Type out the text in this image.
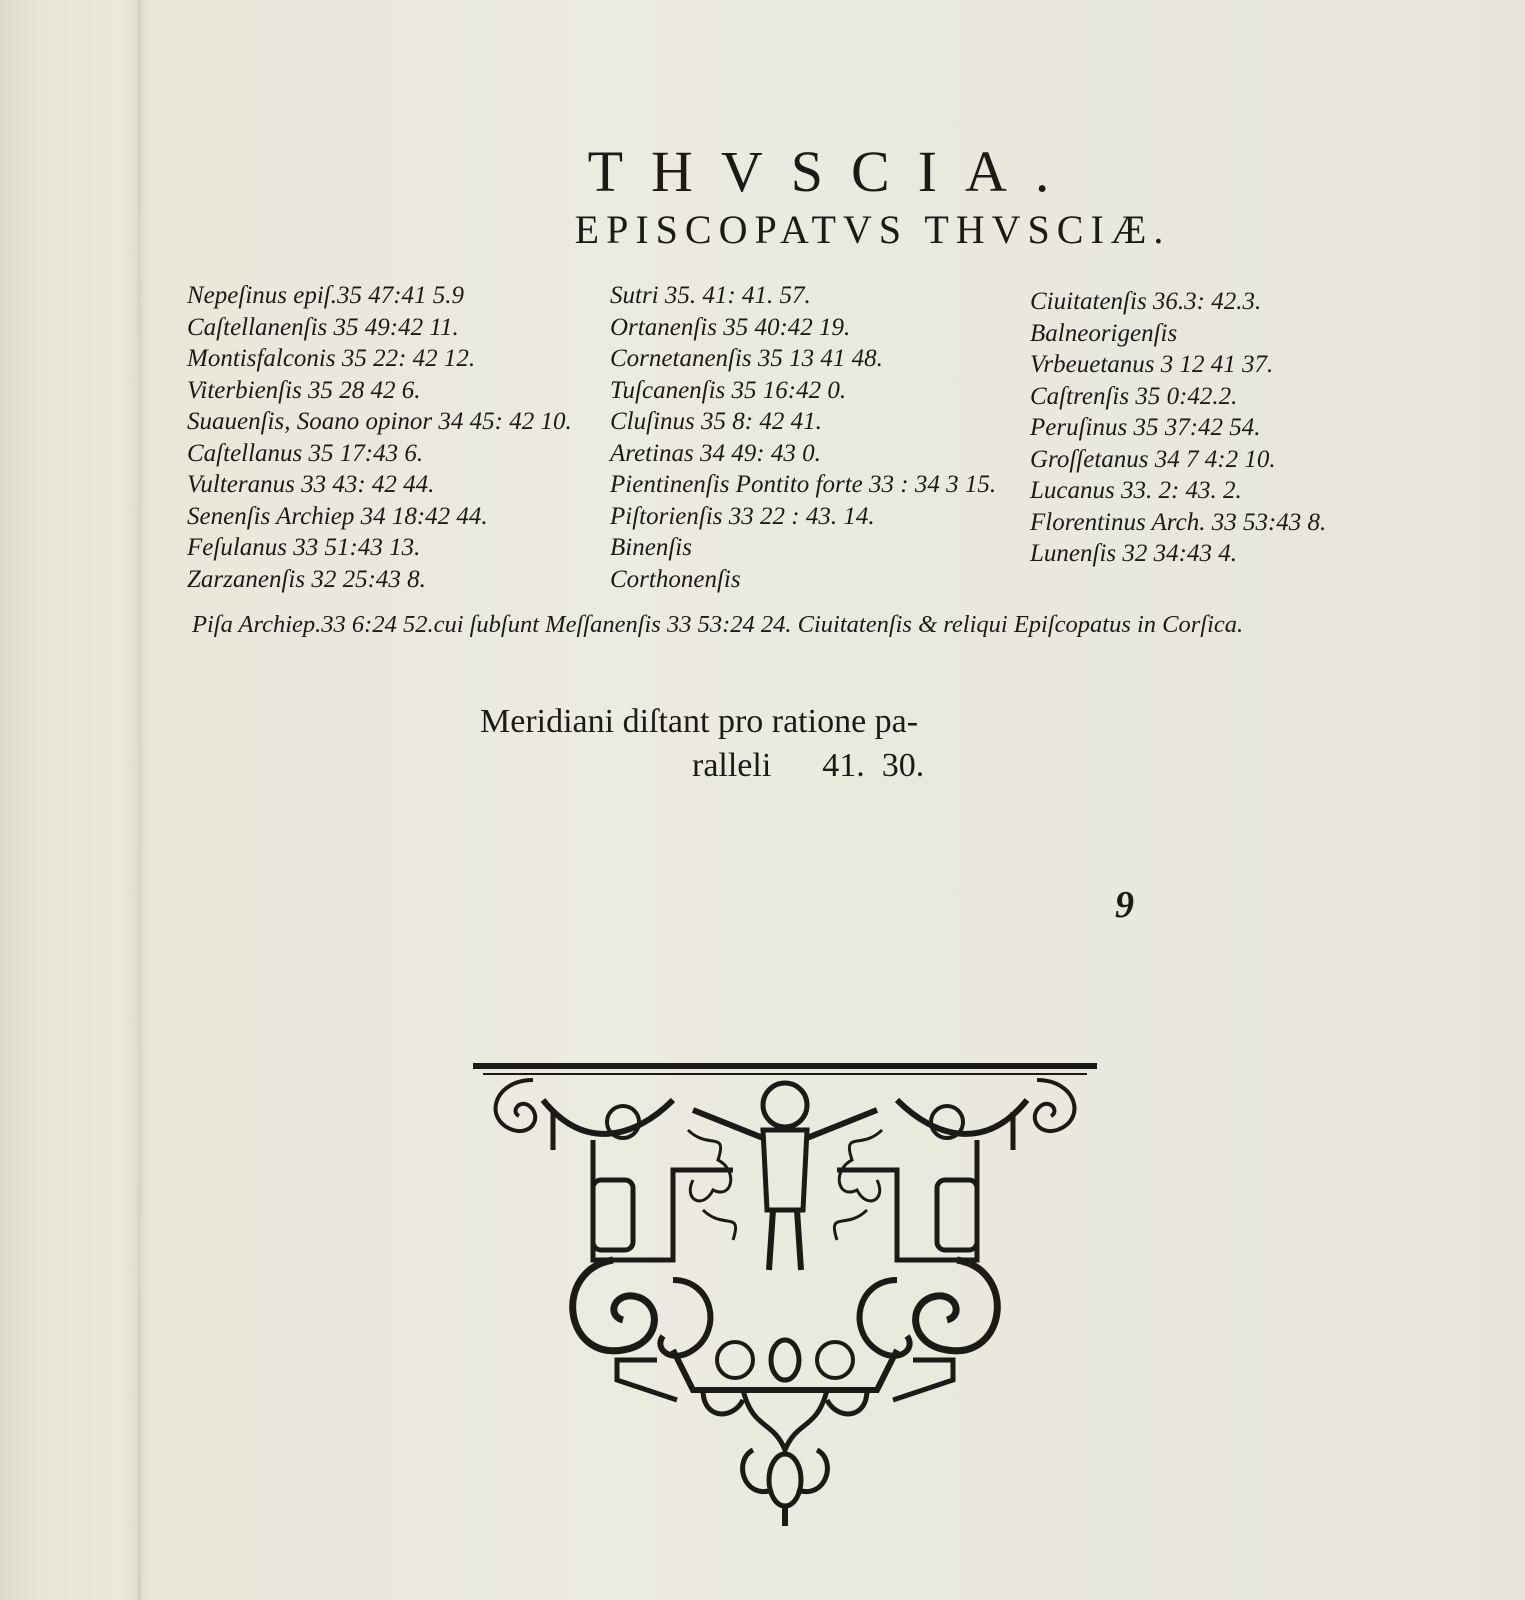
THVSCIA.
EPISCOPATVS THVSCIÆ.
Nepeſinus epiſ.35 47:41 5.9
Caſtellanenſis 35 49:42 11.
Montisfalconis 35 22: 42 12.
Viterbienſis 35 28 42 6.
Suauenſis, Soano opinor 34 45: 42 10.
Caſtellanus 35 17:43 6.
Vulteranus 33 43: 42 44.
Senenſis Archiep 34 18:42 44.
Feſulanus 33 51:43 13.
Zarzanenſis 32 25:43 8.
Sutri 35. 41: 41. 57.
Ortanenſis 35 40:42 19.
Cornetanenſis 35 13 41 48.
Tuſcanenſis 35 16:42 0.
Cluſinus 35 8: 42 41.
Aretinas 34 49: 43 0.
Pientinenſis Pontito forte 33 : 34 3 15.
Piſtorienſis 33 22 : 43. 14.
Binenſis
Corthonenſis
Ciuitatenſis 36.3: 42.3.
Balneorigenſis
Vrbeuetanus 3 12 41 37.
Caſtrenſis 35 0:42.2.
Peruſinus 35 37:42 54.
Groſſetanus 34 7 4:2 10.
Lucanus 33. 2: 43. 2.
Florentinus Arch. 33 53:43 8.
Lunenſis 32 34:43 4.
Piſa Archiep.33 6:24 52.cui ſubſunt Meſſanenſis 33 53:24 24. Ciuitatenſis & reliqui Epiſcopatus in Corſica.
Meridiani diſtant pro ratione pa-
ralleli      41.  30.
9
